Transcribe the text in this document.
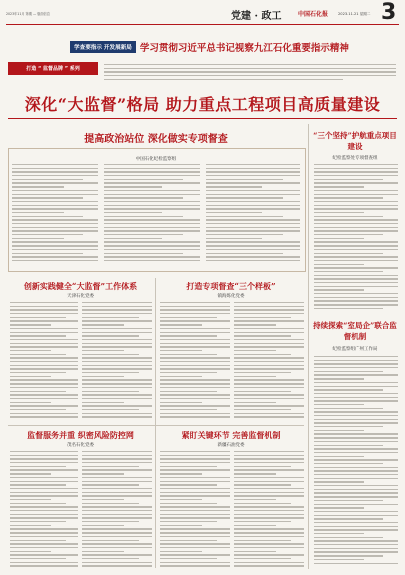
2023年11月 第期 — 版面信息	党建 · 政工	中国石化报	2023.11.21 星期二 3
学查要指示 开发展新局 学习贯彻习近平总书记视察九江石化重要指示精神
打造 “ 监督品牌 ” 系列
深化“大监督”格局 助力重点工程项目高质量建设
提高政治站位 深化做实专项督查
中国石化纪检监察组
“三个坚持”护航重点项目建设
纪检监察处专项督查组
创新实践健全“大监督”工作体系
天津石化党委
打造专项督查“三个样板”
镇海炼化党委
持续探索“室局企”联合监督机制
纪检监察组广州工作局
监督服务并重 织密风险防控网
茂名石化党委
紧盯关键环节 完善监督机制
新疆石油党委
